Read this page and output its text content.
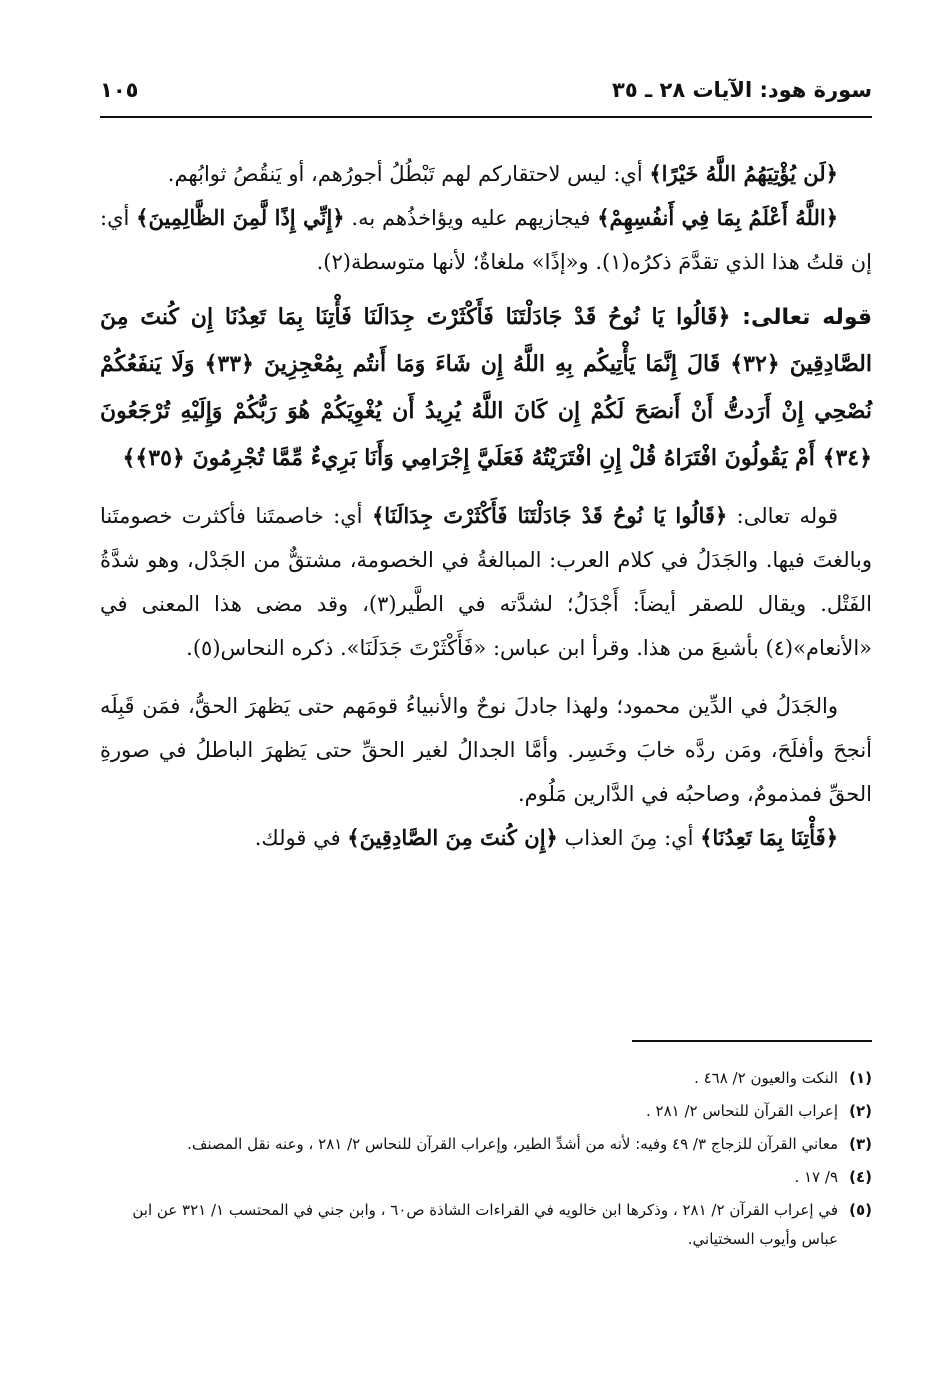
سورة هود: الآيات ٢٨ ـ ٣٥
١٠٥

﴿لَن يُؤْتِيَهُمُ اللَّهُ خَيْرًا﴾ أي: ليس لاحتقاركم لهم تَبْطُلُ أجورُهم، أو يَنقُصُ ثوابُهم.

﴿اللَّهُ أَعْلَمُ بِمَا فِي أَنفُسِهِمْ﴾ فيجازيهم عليه ويؤاخذُهم به. ﴿إِنِّي إِذًا لَّمِنَ الظَّالِمِينَ﴾ أي: إن قلتُ هذا الذي تقدَّمَ ذكرُه(١). و«إذًا» ملغاةٌ؛ لأنها متوسطة(٢).

قوله تعالى: ﴿قَالُوا يَا نُوحُ قَدْ جَادَلْتَنَا فَأَكْثَرْتَ جِدَالَنَا فَأْتِنَا بِمَا تَعِدُنَا إِن كُنتَ مِنَ الصَّادِقِينَ ﴿٣٢﴾ قَالَ إِنَّمَا يَأْتِيكُم بِهِ اللَّهُ إِن شَاءَ وَمَا أَنتُم بِمُعْجِزِينَ ﴿٣٣﴾ وَلَا يَنفَعُكُمْ نُصْحِي إِنْ أَرَدتُّ أَنْ أَنصَحَ لَكُمْ إِن كَانَ اللَّهُ يُرِيدُ أَن يُغْوِيَكُمْ هُوَ رَبُّكُمْ وَإِلَيْهِ تُرْجَعُونَ ﴿٣٤﴾ أَمْ يَقُولُونَ افْتَرَاهُ قُلْ إِنِ افْتَرَيْتُهُ فَعَلَيَّ إِجْرَامِي وَأَنَا بَرِيءٌ مِّمَّا تُجْرِمُونَ ﴿٣٥﴾﴾

قوله تعالى: ﴿قَالُوا يَا نُوحُ قَدْ جَادَلْتَنَا فَأَكْثَرْتَ جِدَالَنَا﴾ أي: خاصمتَنا فأكثرت خصومتَنا وبالغتَ فيها. والجَدَلُ في كلام العرب: المبالغةُ في الخصومة، مشتقٌّ من الجَدْل، وهو شدَّةُ الفَتْل. ويقال للصقر أيضاً: أَجْدَلُ؛ لشدَّته في الطَّير(٣)، وقد مضى هذا المعنى في «الأنعام»(٤) بأشبعَ من هذا. وقرأ ابن عباس: «فَأَكْثَرْتَ جَدَلَنَا». ذكره النحاس(٥).

والجَدَلُ في الدِّين محمود؛ ولهذا جادلَ نوحٌ والأنبياءُ قومَهم حتى يَظهرَ الحقُّ، فمَن قَبِلَه أنجحَ وأفلَحَ، ومَن ردَّه خابَ وخَسِر. وأمَّا الجدالُ لغير الحقِّ حتى يَظهرَ الباطلُ في صورةِ الحقِّ فمذمومٌ، وصاحبُه في الدَّارين مَلُوم.

﴿فَأْتِنَا بِمَا تَعِدُنَا﴾ أي: مِنَ العذاب ﴿إِن كُنتَ مِنَ الصَّادِقِينَ﴾ في قولك.

(١)
النكت والعيون ٢/ ٤٦٨ .
(٢)
إعراب القرآن للنحاس ٢/ ٢٨١ .
(٣)
معاني القرآن للزجاج ٣/ ٤٩ وفيه: لأنه من أشدِّ الطير، وإعراب القرآن للنحاس ٢/ ٢٨١ ، وعنه نقل المصنف.
(٤)
٩/ ١٧ .
(٥)
في إعراب القرآن ٢/ ٢٨١ ، وذكرها ابن خالويه في القراءات الشاذة ص٦٠ ، وابن جني في المحتسب ١/ ٣٢١ عن ابن عباس وأيوب السختياني.
